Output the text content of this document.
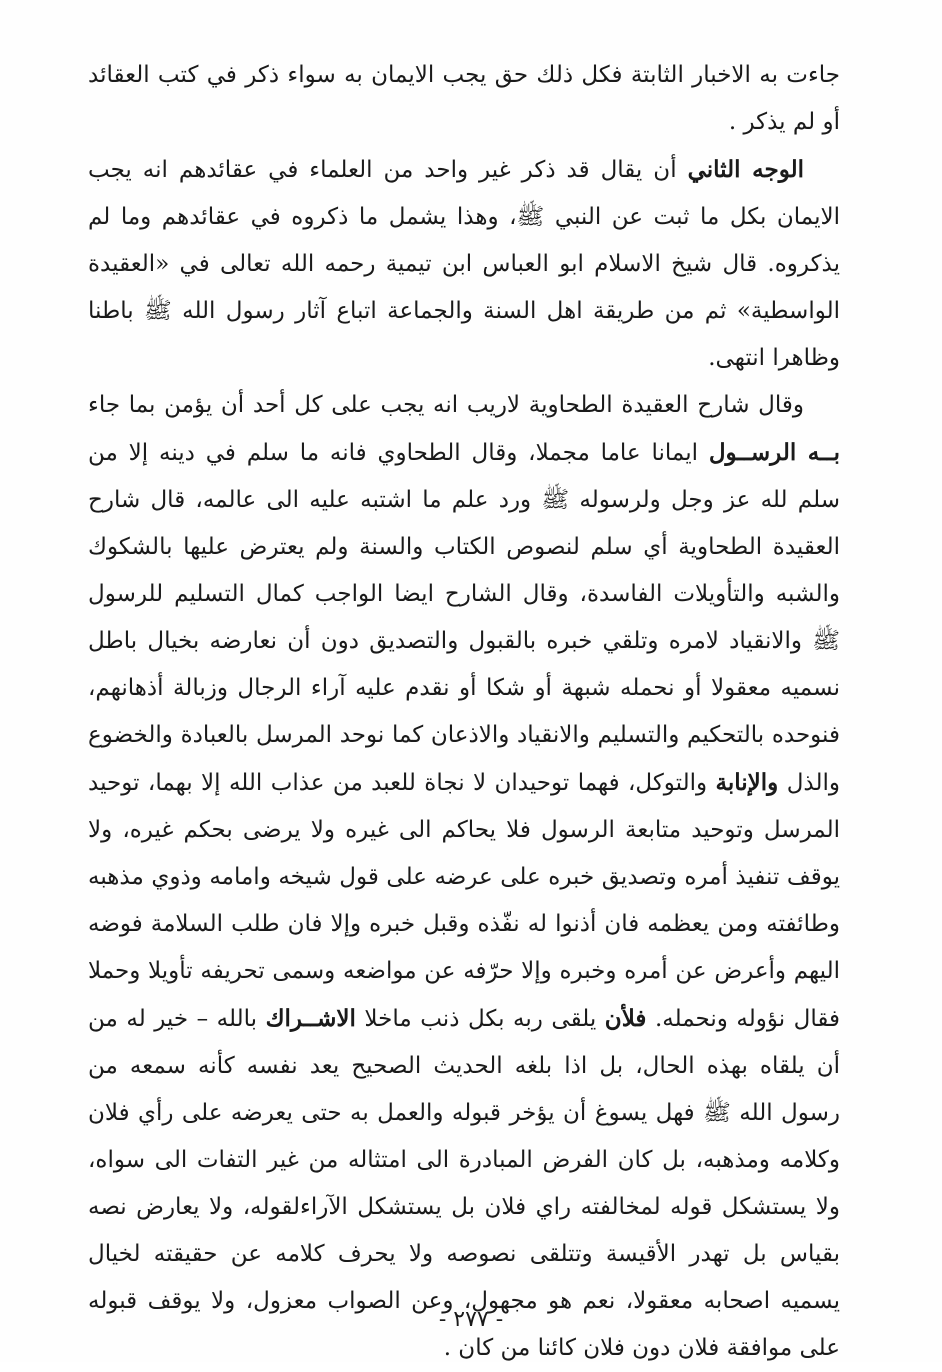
جاءت به الاخبار الثابتة فكل ذلك حق يجب الايمان به سواء ذكر في كتب العقائد أو لم يذكر .

الوجه الثاني أن يقال قد ذكر غير واحد من العلماء في عقائدهم انه يجب الايمان بكل ما ثبت عن النبي ﷺ، وهذا يشمل ما ذكروه في عقائدهم وما لم يذكروه. قال شيخ الاسلام ابو العباس ابن تيمية رحمه الله تعالى في «العقيدة الواسطية» ثم من طريقة اهل السنة والجماعة اتباع آثار رسول الله ﷺ باطنا وظاهرا انتهى.

وقال شارح العقيدة الطحاوية لاريب انه يجب على كل أحد أن يؤمن بما جاء بــه الرســول ايمانا عاما مجملا، وقال الطحاوي فانه ما سلم في دينه إلا من سلم لله عز وجل ولرسوله ﷺ ورد علم ما اشتبه عليه الى عالمه، قال شارح العقيدة الطحاوية أي سلم لنصوص الكتاب والسنة ولم يعترض عليها بالشكوك والشبه والتأويلات الفاسدة، وقال الشارح ايضا الواجب كمال التسليم للرسول ﷺ والانقياد لامره وتلقي خبره بالقبول والتصديق دون أن نعارضه بخيال باطل نسميه معقولا أو نحمله شبهة أو شكا أو نقدم عليه آراء الرجال وزبالة أذهانهم، فنوحده بالتحكيم والتسليم والانقياد والاذعان كما نوحد المرسل بالعبادة والخضوع والذل والإنابة والتوكل، فهما توحيدان لا نجاة للعبد من عذاب الله إلا بهما، توحيد المرسل وتوحيد متابعة الرسول فلا يحاكم الى غيره ولا يرضى بحكم غيره، ولا يوقف تنفيذ أمره وتصديق خبره على عرضه على قول شيخه وامامه وذوي مذهبه وطائفته ومن يعظمه فان أذنوا له نفّذه وقبل خبره وإلا فان طلب السلامة فوضه اليهم وأعرض عن أمره وخبره وإلا حرّفه عن مواضعه وسمى تحريفه تأويلا وحملا فقال نؤوله ونحمله. فلأن يلقى ربه بكل ذنب ماخلا الاشــراك بالله – خير له من أن يلقاه بهذه الحال، بل اذا بلغه الحديث الصحيح يعد نفسه كأنه سمعه من رسول الله ﷺ فهل يسوغ أن يؤخر قبوله والعمل به حتى يعرضه على رأي فلان وكلامه ومذهبه، بل كان الفرض المبادرة الى امتثاله من غير التفات الى سواه، ولا يستشكل قوله لمخالفته راي فلان بل يستشكل الآراءلقوله، ولا يعارض نصه بقياس بل تهدر الأقيسة وتتلقى نصوصه ولا يحرف كلامه عن حقيقته لخيال يسميه اصحابه معقولا، نعم هو مجهول، وعن الصواب معزول، ولا يوقف قبوله على موافقة فلان دون فلان كائنا من كان .

- ٢٧٧ -
